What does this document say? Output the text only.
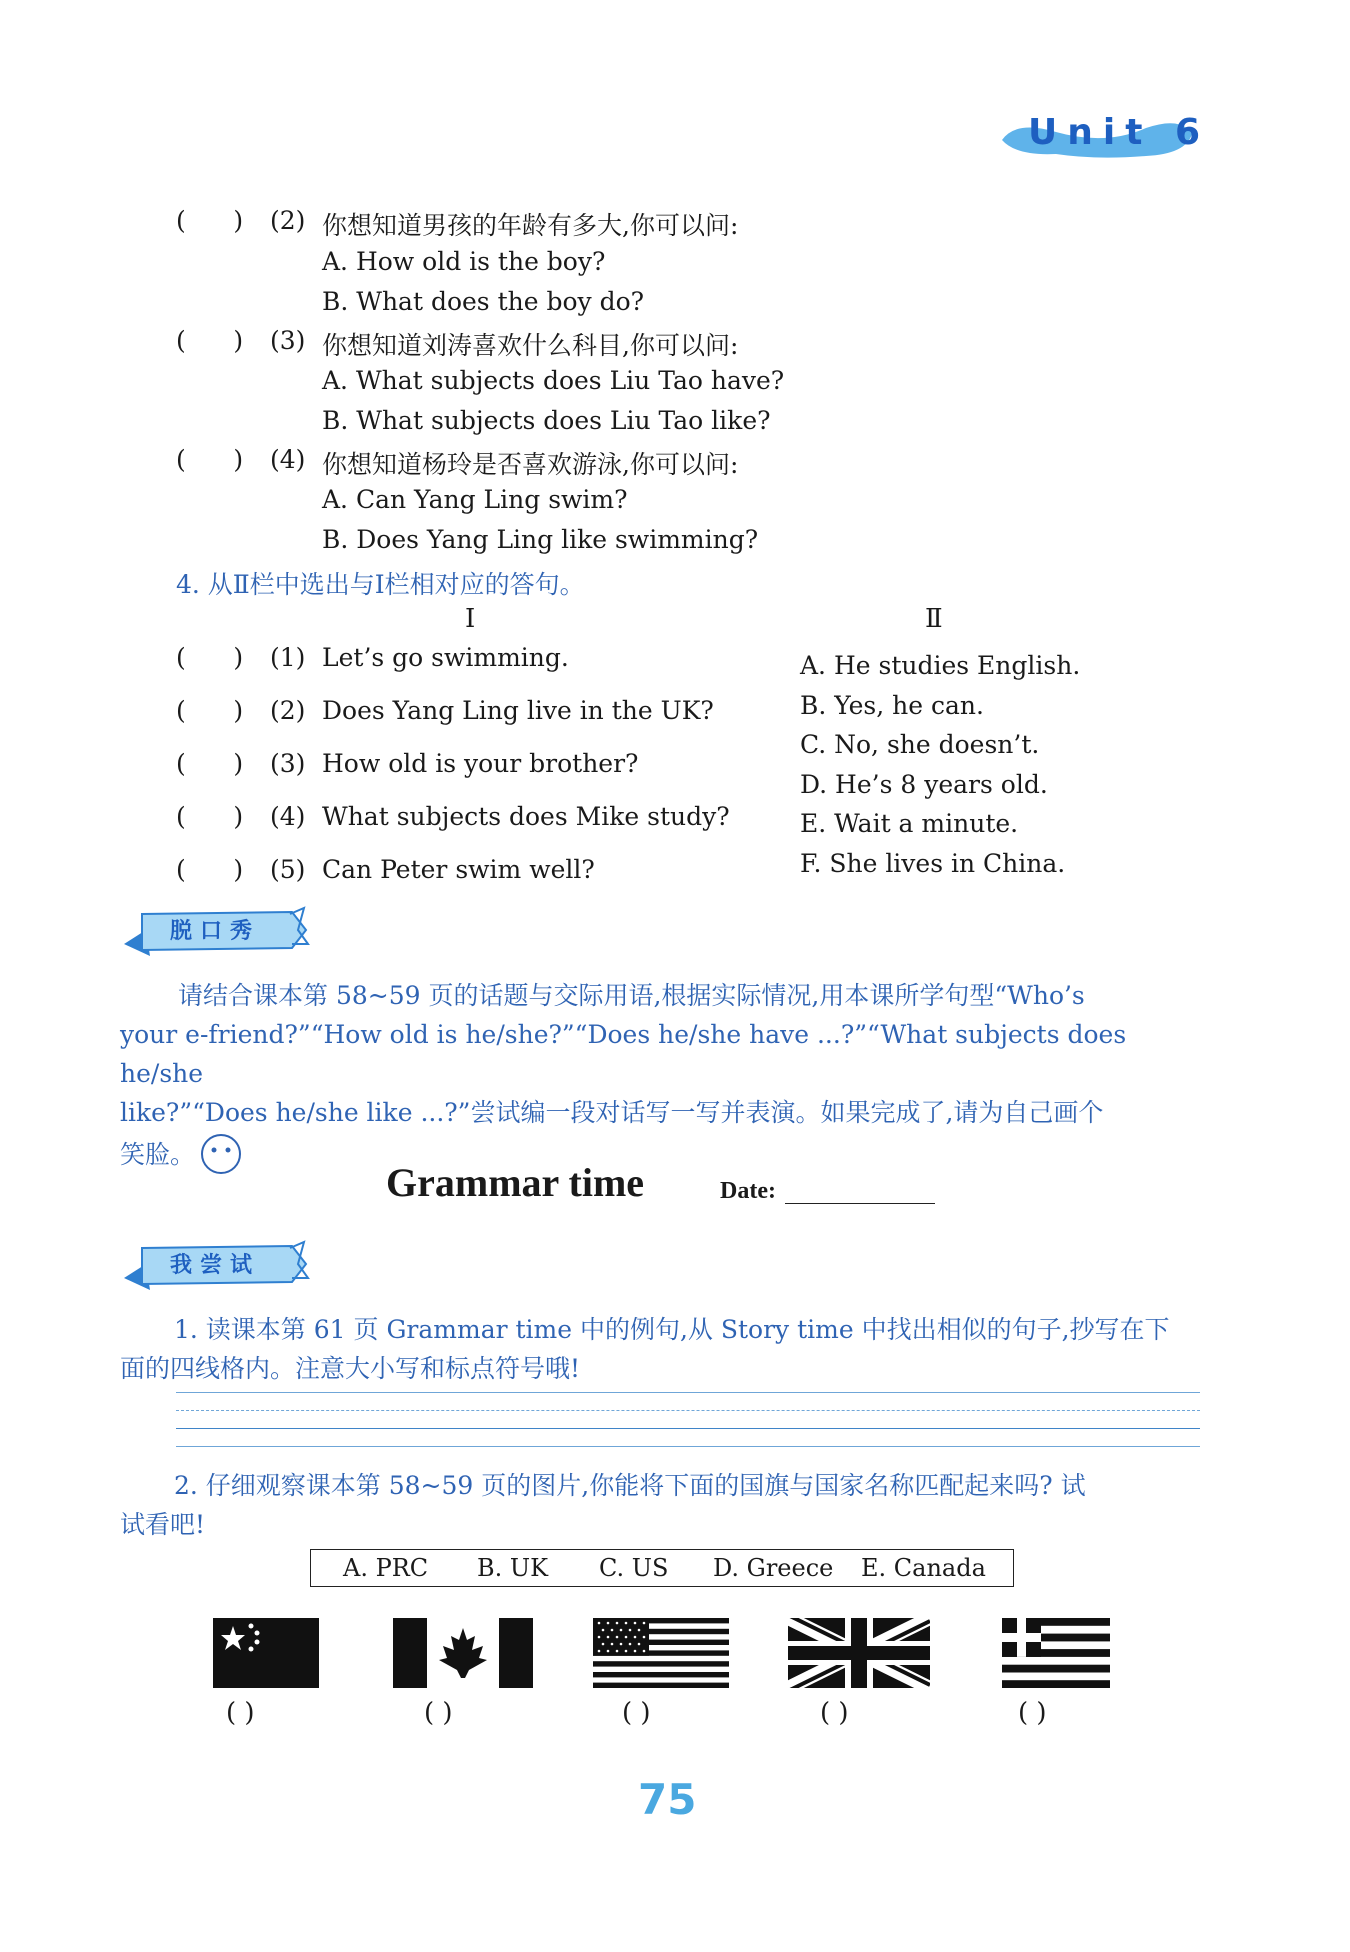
Unit 6
(      ) (2) 你想知道男孩的年龄有多大,你可以问:
A. How old is the boy?
B. What does the boy do?
(      ) (3) 你想知道刘涛喜欢什么科目,你可以问:
A. What subjects does Liu Tao have?
B. What subjects does Liu Tao like?
(      ) (4) 你想知道杨玲是否喜欢游泳,你可以问:
A. Can Yang Ling swim?
B. Does Yang Ling like swimming?
4. 从Ⅱ栏中选出与Ⅰ栏相对应的答句。
Ⅰ	Ⅱ
(      ) (1) Let’s go swimming.
(      ) (2) Does Yang Ling live in the UK?
(      ) (3) How old is your brother?
(      ) (4) What subjects does Mike study?
(      ) (5) Can Peter swim well?
A. He studies English.
B. Yes, he can.
C. No, she doesn’t.
D. He’s 8 years old.
E. Wait a minute.
F. She lives in China.
脱口秀
请结合课本第 58~59 页的话题与交际用语,根据实际情况,用本课所学句型“Who’s
your e-friend?”“How old is he/she?”“Does he/she have ...?”“What subjects does he/she
like?”“Does he/she like ...?”尝试编一段对话写一写并表演。如果完成了,请为自己画个
笑脸。
Grammar time	Date:
我尝试
1. 读课本第 61 页 Grammar time 中的例句,从 Story time 中找出相似的句子,抄写在下
面的四线格内。注意大小写和标点符号哦!
2. 仔细观察课本第 58~59 页的图片,你能将下面的国旗与国家名称匹配起来吗? 试
试看吧!
A. PRC B. UK C. US D. Greece E. Canada
( )	( )	( )	( )	( )
75
